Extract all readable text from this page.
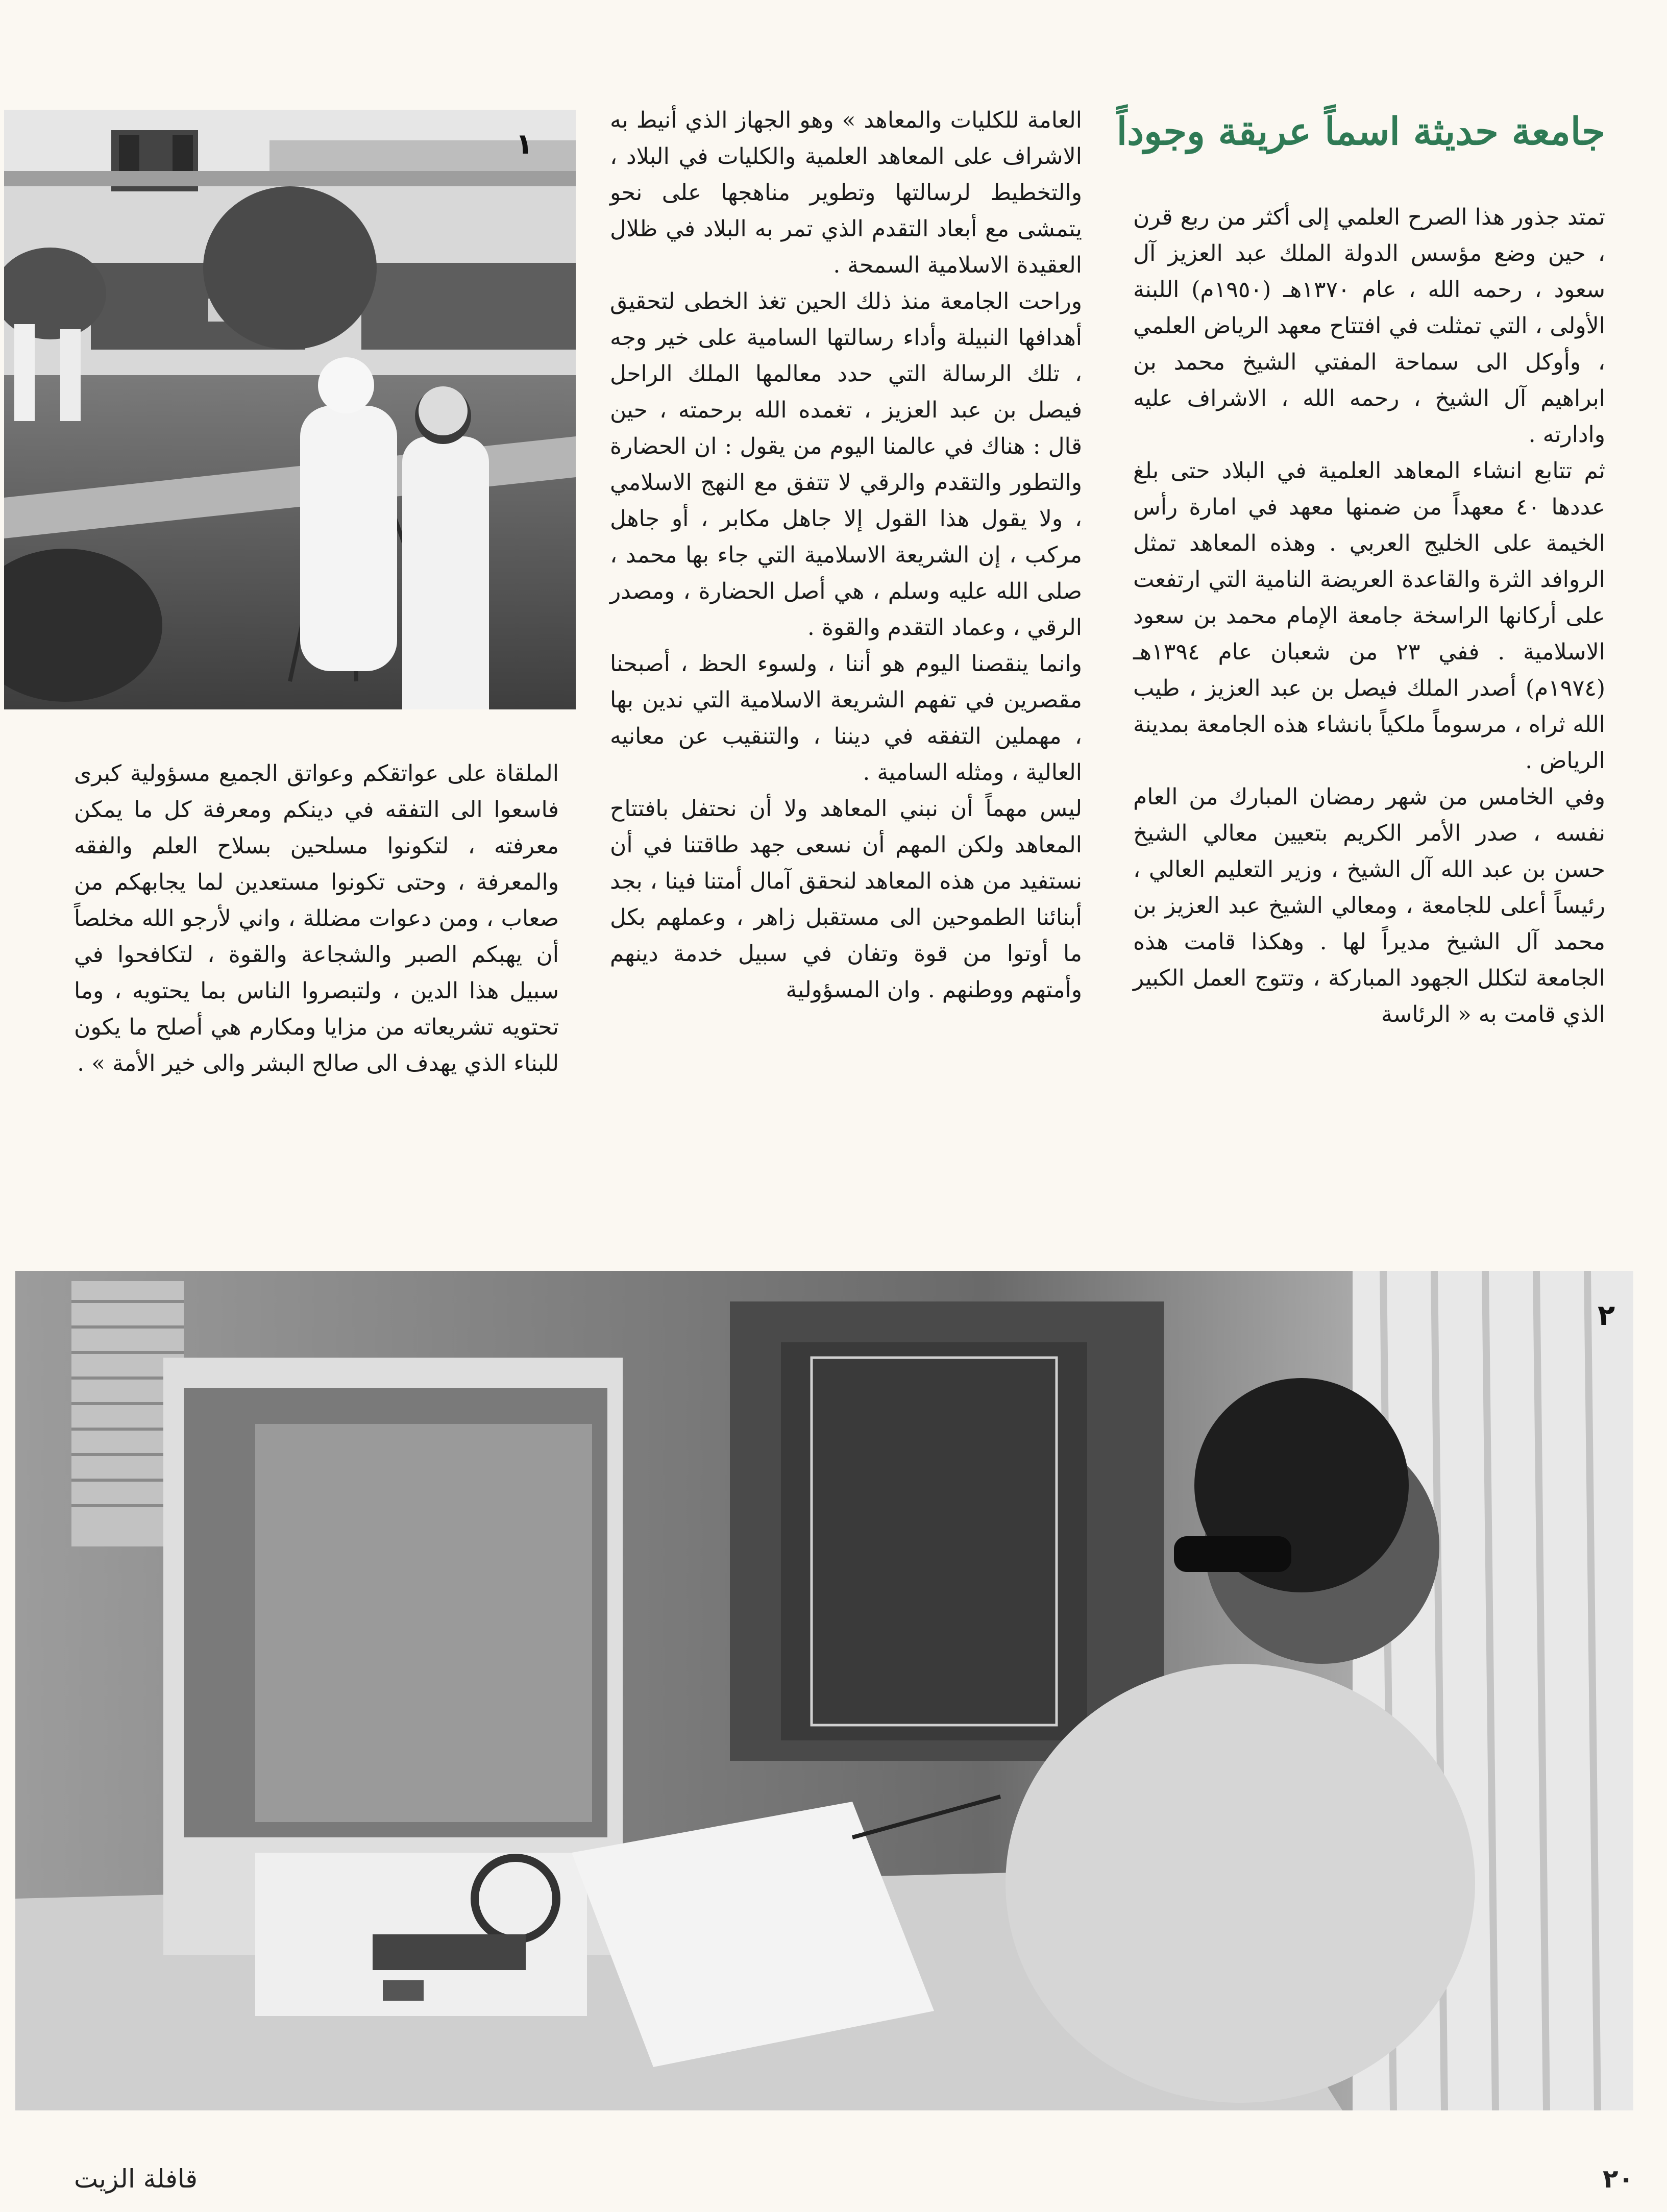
جامعة حديثة اسماً عريقة وجوداً

تمتد جذور هذا الصرح العلمي إلى أكثر من ربع قرن ، حين وضع مؤسس الدولة الملك عبد العزيز آل سعود ، رحمه الله ، عام ١٣٧٠هـ (١٩٥٠م) اللبنة الأولى ، التي تمثلت في افتتاح معهد الرياض العلمي ، وأوكل الى سماحة المفتي الشيخ محمد بن ابراهيم آل الشيخ ، رحمه الله ، الاشراف عليه وادارته .

ثم تتابع انشاء المعاهد العلمية في البلاد حتى بلغ عددها ٤٠ معهداً من ضمنها معهد في امارة رأس الخيمة على الخليج العربي . وهذه المعاهد تمثل الروافد الثرة والقاعدة العريضة النامية التي ارتفعت على أركانها الراسخة جامعة الإمام محمد بن سعود الاسلامية . ففي ٢٣ من شعبان عام ١٣٩٤هـ (١٩٧٤م) أصدر الملك فيصل بن عبد العزيز ، طيب الله ثراه ، مرسوماً ملكياً بانشاء هذه الجامعة بمدينة الرياض .

وفي الخامس من شهر رمضان المبارك من العام نفسه ، صدر الأمر الكريم بتعيين معالي الشيخ حسن بن عبد الله آل الشيخ ، وزير التعليم العالي ، رئيساً أعلى للجامعة ، ومعالي الشيخ عبد العزيز بن محمد آل الشيخ مديراً لها . وهكذا قامت هذه الجامعة لتكلل الجهود المباركة ، وتتوج العمل الكبير الذي قامت به « الرئاسة

العامة للكليات والمعاهد » وهو الجهاز الذي أنيط به الاشراف على المعاهد العلمية والكليات في البلاد ، والتخطيط لرسالتها وتطوير مناهجها على نحو يتمشى مع أبعاد التقدم الذي تمر به البلاد في ظلال العقيدة الاسلامية السمحة .

وراحت الجامعة منذ ذلك الحين تغذ الخطى لتحقيق أهدافها النبيلة وأداء رسالتها السامية على خير وجه ، تلك الرسالة التي حدد معالمها الملك الراحل فيصل بن عبد العزيز ، تغمده الله برحمته ، حين قال : هناك في عالمنا اليوم من يقول : ان الحضارة والتطور والتقدم والرقي لا تتفق مع النهج الاسلامي ، ولا يقول هذا القول إلا جاهل مكابر ، أو جاهل مركب ، إن الشريعة الاسلامية التي جاء بها محمد ، صلى الله عليه وسلم ، هي أصل الحضارة ، ومصدر الرقي ، وعماد التقدم والقوة .

وانما ينقصنا اليوم هو أننا ، ولسوء الحظ ، أصبحنا مقصرين في تفهم الشريعة الاسلامية التي ندين بها ، مهملين التفقه في ديننا ، والتنقيب عن معانيه العالية ، ومثله السامية .

ليس مهماً أن نبني المعاهد ولا أن نحتفل بافتتاح المعاهد ولكن المهم أن نسعى جهد طاقتنا في أن نستفيد من هذه المعاهد لنحقق آمال أمتنا فينا ، بجد أبنائنا الطموحين الى مستقبل زاهر ، وعملهم بكل ما أوتوا من قوة وتفان في سبيل خدمة دينهم وأمتهم ووطنهم . وان المسؤولية

١

الملقاة على عواتقكم وعواتق الجميع مسؤولية كبرى فاسعوا الى التفقه في دينكم ومعرفة كل ما يمكن معرفته ، لتكونوا مسلحين بسلاح العلم والفقه والمعرفة ، وحتى تكونوا مستعدين لما يجابهكم من صعاب ، ومن دعوات مضللة ، واني لأرجو الله مخلصاً أن يهبكم الصبر والشجاعة والقوة ، لتكافحوا في سبيل هذا الدين ، ولتبصروا الناس بما يحتويه ، وما تحتويه تشريعاته من مزايا ومكارم هي أصلح ما يكون للبناء الذي يهدف الى صالح البشر والى خير الأمة » .

٢
٢٠
قافلة الزيت
